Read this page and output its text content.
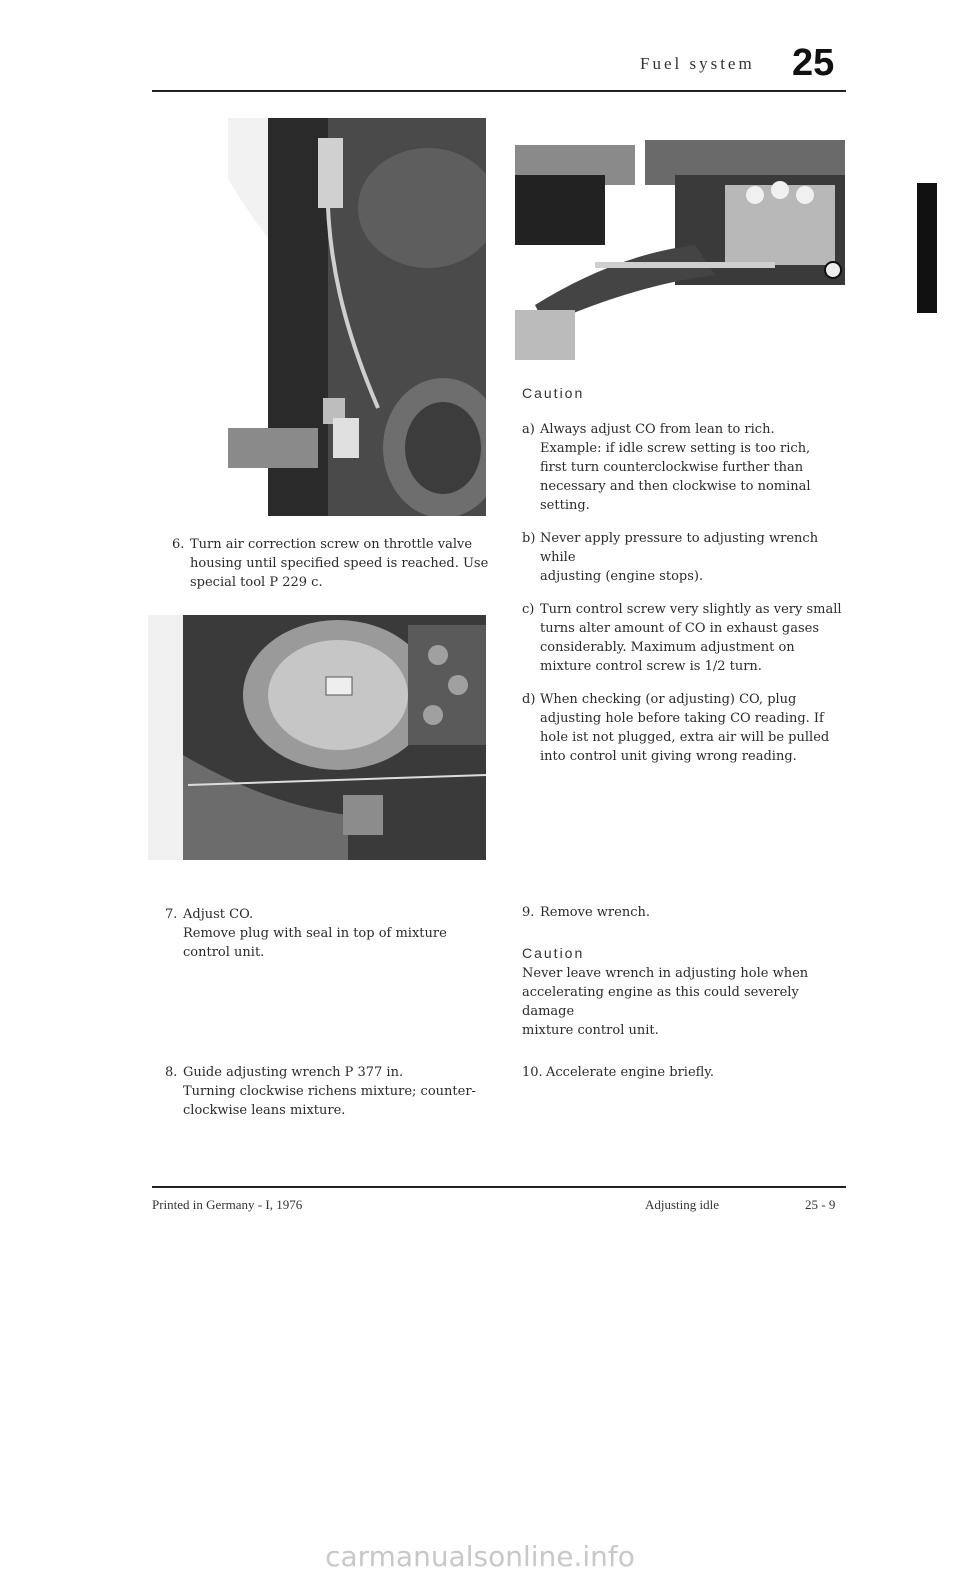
Fuel system 25
6. Turn air correction screw on throttle valve

housing until specified speed is reached. Use

special tool P 229 c.

Caution
a) Always adjust CO from lean to rich.

Example: if idle screw setting is too rich,

first turn counterclockwise further than

necessary and then clockwise to nominal

setting.

b) Never apply pressure to adjusting wrench while

adjusting (engine stops).

c) Turn control screw very slightly as very small

turns alter amount of CO in exhaust gases

considerably. Maximum adjustment on

mixture control screw is 1/2 turn.

d) When checking (or adjusting) CO, plug

adjusting hole before taking CO reading. If

hole ist not plugged, extra air will be pulled

into control unit giving wrong reading.

7. Adjust CO.

Remove plug with seal in top of mixture

control unit.

8. Guide adjusting wrench P 377 in.

Turning clockwise richens mixture; counter-

clockwise leans mixture.

9. Remove wrench.

Caution

Never leave wrench in adjusting hole when

accelerating engine as this could severely damage

mixture control unit.

10. Accelerate engine briefly.

Printed in Germany - I, 1976	Adjusting idle	25 - 9
carmanualsonline.info
